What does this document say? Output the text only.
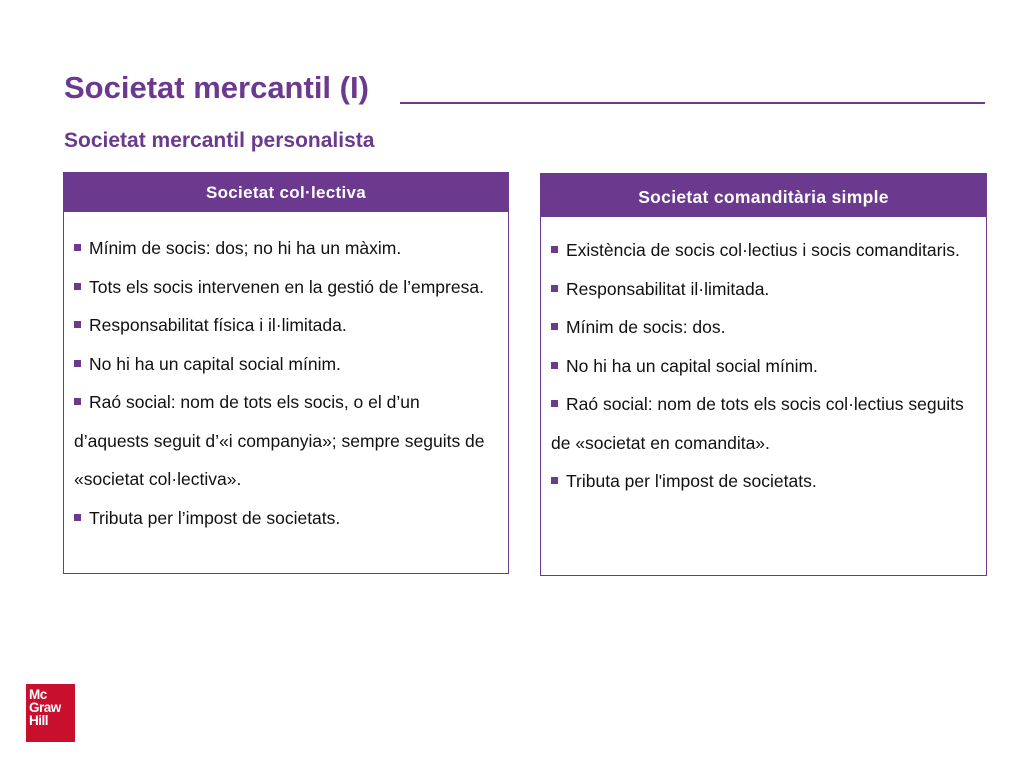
Societat mercantil (I)
Societat mercantil personalista
Societat col·lectiva
Mínim de socis: dos; no hi ha un màxim.
Tots els socis intervenen en la gestió de l’empresa.
Responsabilitat física i il·limitada.
No hi ha un capital social mínim.
Raó social: nom de tots els socis, o el d’un d’aquests seguit d’«i companyia»; sempre seguits de «societat col·lectiva».
Tributa per l’impost de societats.
Societat comanditària simple
Existència de socis col·lectius i socis comanditaris.
Responsabilitat il·limitada.
Mínim de socis: dos.
No hi ha un capital social mínim.
Raó social: nom de tots els socis col·lectius seguits de «societat en comandita».
Tributa per l'impost de societats.
Mc
Graw
Hill
